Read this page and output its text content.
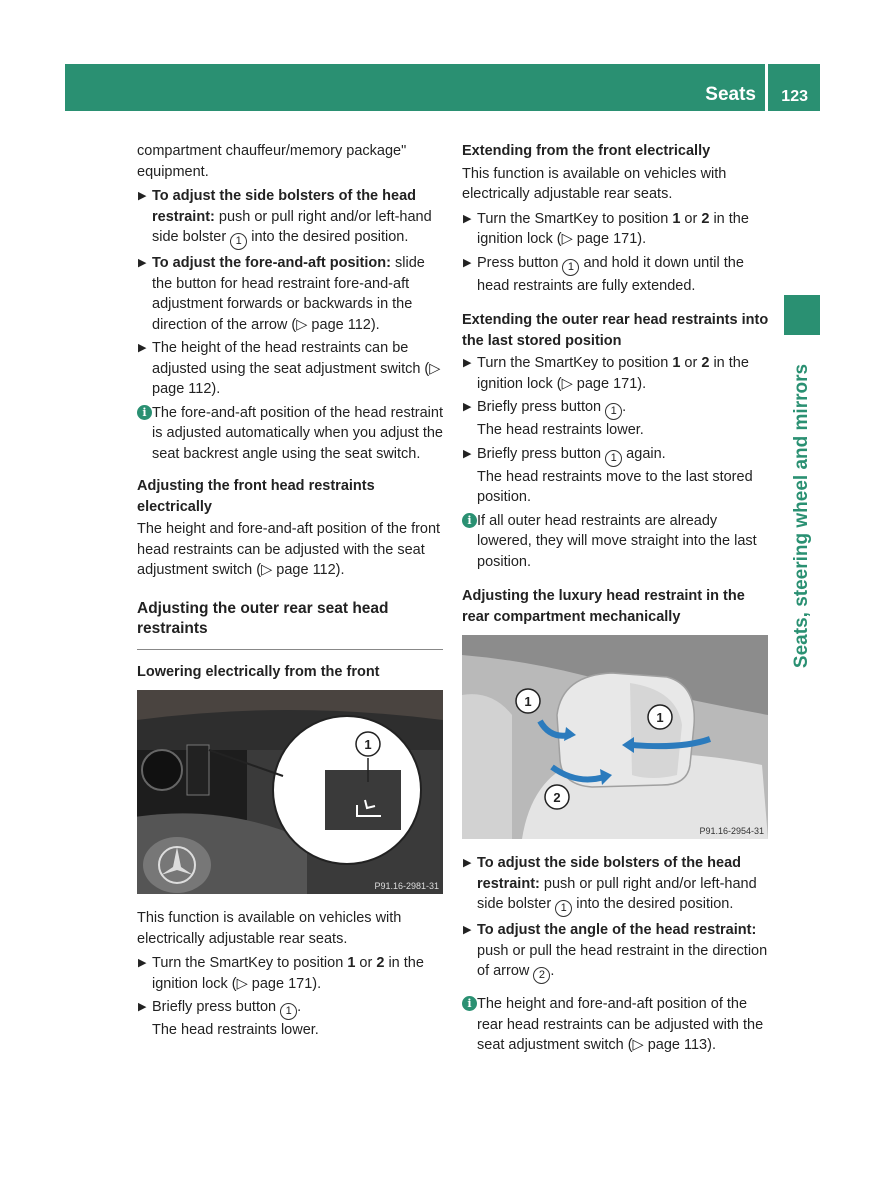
Seats 123
Seats, steering wheel and mirrors

compartment chauffeur/memory package" equipment.

▶ To adjust the side bolsters of the head restraint: push or pull right and/or left-hand side bolster 1 into the desired position.
▶ To adjust the fore-and-aft position: slide the button for head restraint fore-and-aft adjustment forwards or backwards in the direction of the arrow (▷ page 112).
▶ The height of the head restraints can be adjusted using the seat adjustment switch (▷ page 112).
i The fore-and-aft position of the head restraint is adjusted automatically when you adjust the seat backrest angle using the seat switch.
Adjusting the front head restraints electrically

The height and fore-and-aft position of the front head restraints can be adjusted with the seat adjustment switch (▷ page 112).

Adjusting the outer rear seat head restraints
Lowering electrically from the front
1
P91.16-2981-31

This function is available on vehicles with electrically adjustable rear seats.

▶ Turn the SmartKey to position 1 or 2 in the ignition lock (▷ page 171).
▶ Briefly press button 1 .
The head restraints lower.
Extending from the front electrically

This function is available on vehicles with electrically adjustable rear seats.

▶ Turn the SmartKey to position 1 or 2 in the ignition lock (▷ page 171).
▶ Press button 1 and hold it down until the head restraints are fully extended.
Extending the outer rear head restraints into the last stored position
▶ Turn the SmartKey to position 1 or 2 in the ignition lock (▷ page 171).
▶ Briefly press button 1 .
The head restraints lower.
▶ Briefly press button 1 again.
The head restraints move to the last stored position.
i If all outer head restraints are already lowered, they will move straight into the last position.
Adjusting the luxury head restraint in the rear compartment mechanically
1
1
2
P91.16-2954-31
▶ To adjust the side bolsters of the head restraint: push or pull right and/or left-hand side bolster 1 into the desired position.
▶ To adjust the angle of the head restraint: push or pull the head restraint in the direction of arrow 2 .
i The height and fore-and-aft position of the rear head restraints can be adjusted with the seat adjustment switch (▷ page 113).
